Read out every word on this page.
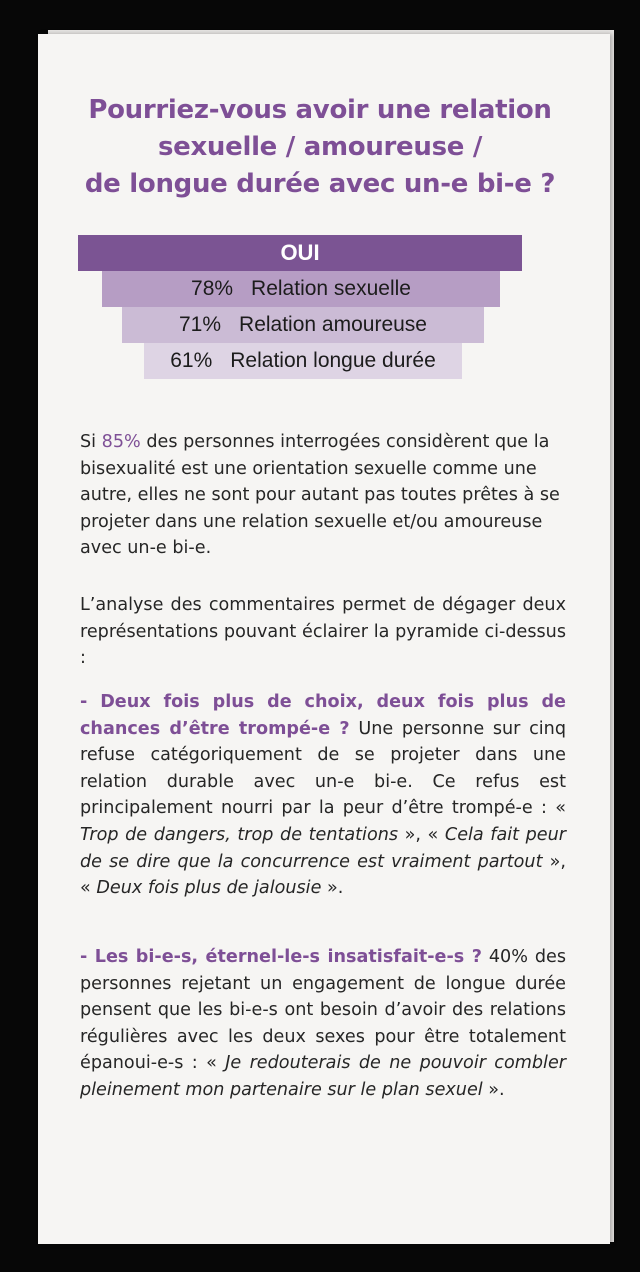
Pourriez-vous avoir une relation
sexuelle / amoureuse /
de longue durée avec un-e bi-e ?
OUI
78% Relation sexuelle
71% Relation amoureuse
61% Relation longue durée

Si 85% des personnes interrogées considèrent que la bisexualité est une orientation sexuelle comme une autre, elles ne sont pour autant pas toutes prêtes à se projeter dans une relation sexuelle et/ou amoureuse avec un-e bi-e.

L’analyse des commentaires permet de dégager deux représentations pouvant éclairer la pyramide ci-dessus :

- Deux fois plus de choix, deux fois plus de chances d’être trompé-e ? Une personne sur cinq refuse catégoriquement de se projeter dans une relation durable avec un-e bi-e. Ce refus est principalement nourri par la peur d’être trompé-e : « Trop de dangers, trop de tentations », « Cela fait peur de se dire que la concurrence est vraiment partout », « Deux fois plus de jalousie ».

- Les bi-e-s, éternel-le-s insatisfait-e-s ? 40% des personnes rejetant un engagement de longue durée pensent que les bi-e-s ont besoin d’avoir des relations régulières avec les deux sexes pour être totalement épanoui-e-s : « Je redouterais de ne pouvoir combler pleinement mon partenaire sur le plan sexuel ».
